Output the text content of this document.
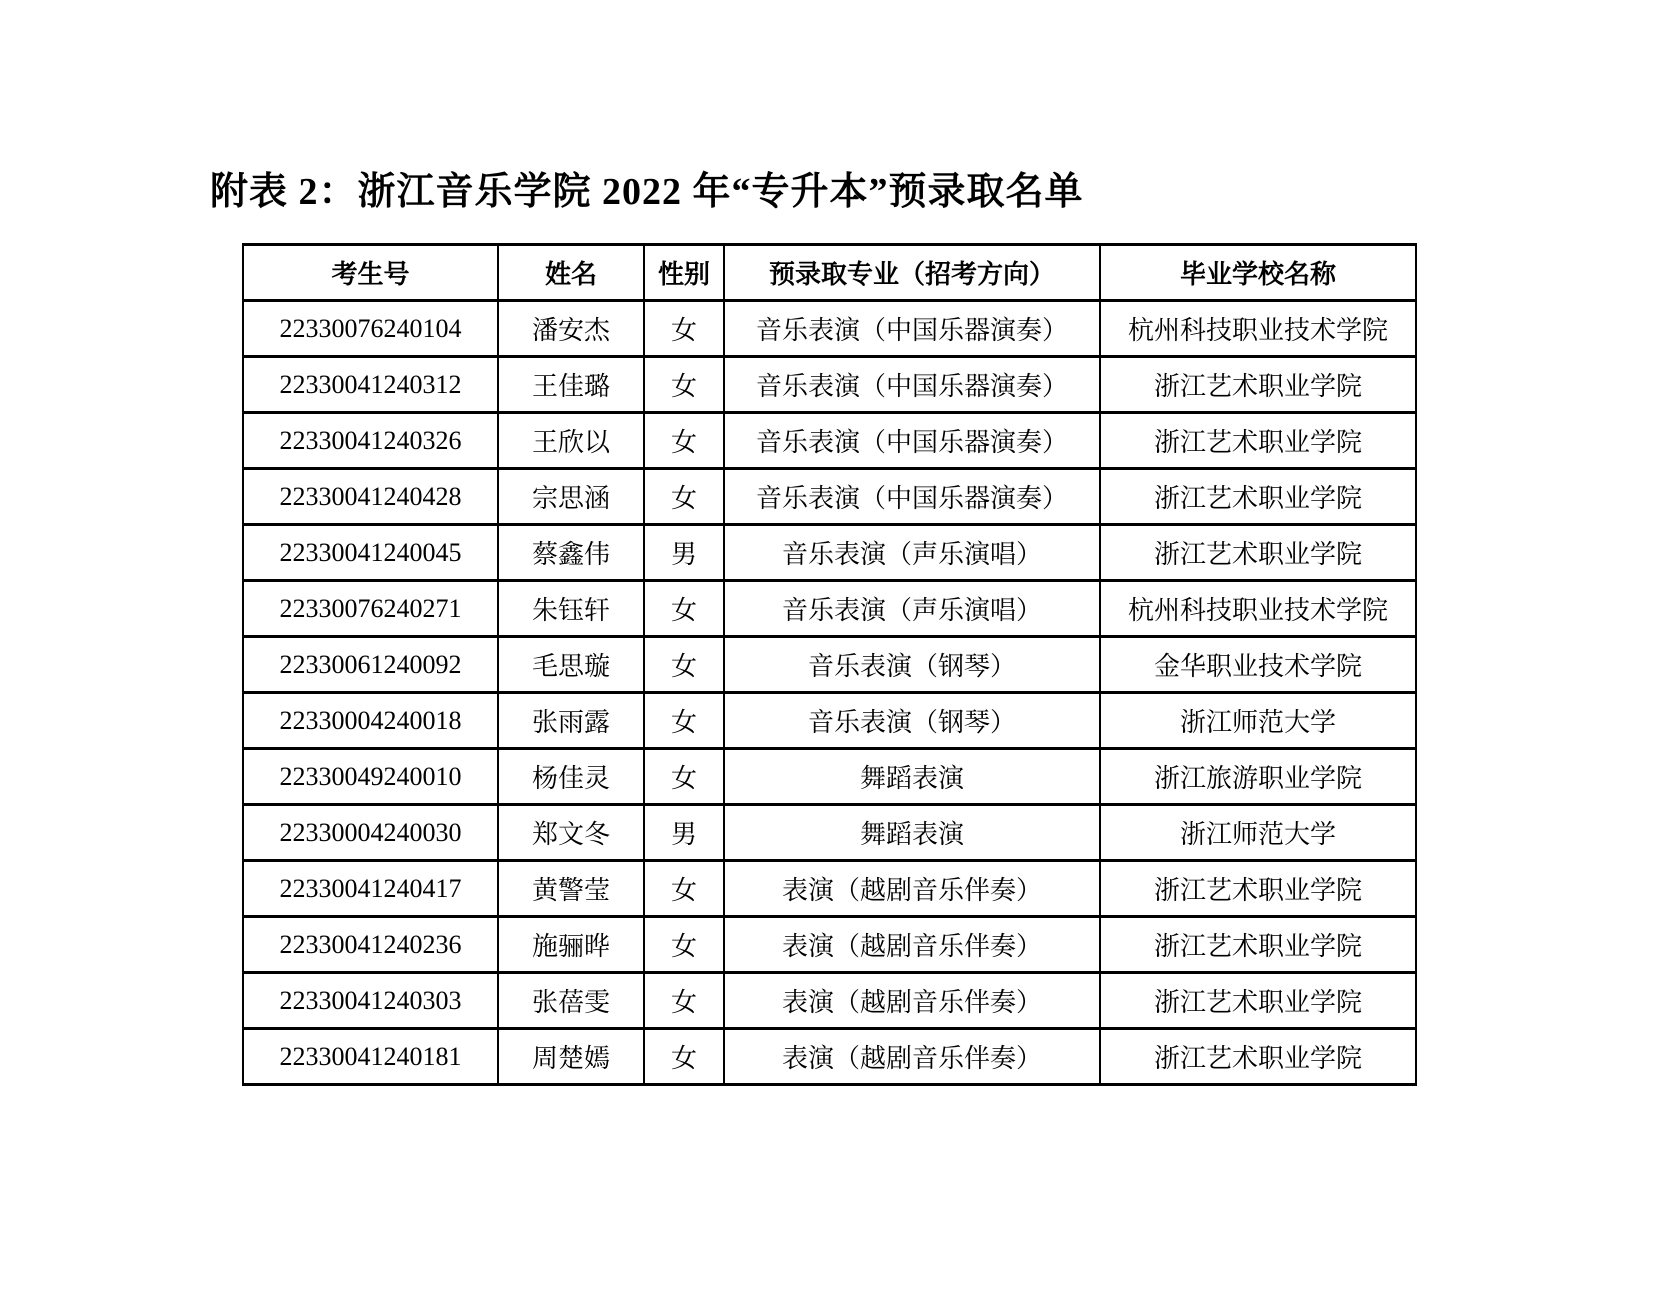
附表 2：浙江音乐学院 2022 年“专升本”预录取名单
考生号	姓名	性别	预录取专业（招考方向）	毕业学校名称
22330076240104	潘安杰	女	音乐表演（中国乐器演奏）	杭州科技职业技术学院
22330041240312	王佳璐	女	音乐表演（中国乐器演奏）	浙江艺术职业学院
22330041240326	王欣以	女	音乐表演（中国乐器演奏）	浙江艺术职业学院
22330041240428	宗思涵	女	音乐表演（中国乐器演奏）	浙江艺术职业学院
22330041240045	蔡鑫伟	男	音乐表演（声乐演唱）	浙江艺术职业学院
22330076240271	朱钰轩	女	音乐表演（声乐演唱）	杭州科技职业技术学院
22330061240092	毛思璇	女	音乐表演（钢琴）	金华职业技术学院
22330004240018	张雨露	女	音乐表演（钢琴）	浙江师范大学
22330049240010	杨佳灵	女	舞蹈表演	浙江旅游职业学院
22330004240030	郑文冬	男	舞蹈表演	浙江师范大学
22330041240417	黄警莹	女	表演（越剧音乐伴奏）	浙江艺术职业学院
22330041240236	施骊晔	女	表演（越剧音乐伴奏）	浙江艺术职业学院
22330041240303	张蓓雯	女	表演（越剧音乐伴奏）	浙江艺术职业学院
22330041240181	周楚嫣	女	表演（越剧音乐伴奏）	浙江艺术职业学院
